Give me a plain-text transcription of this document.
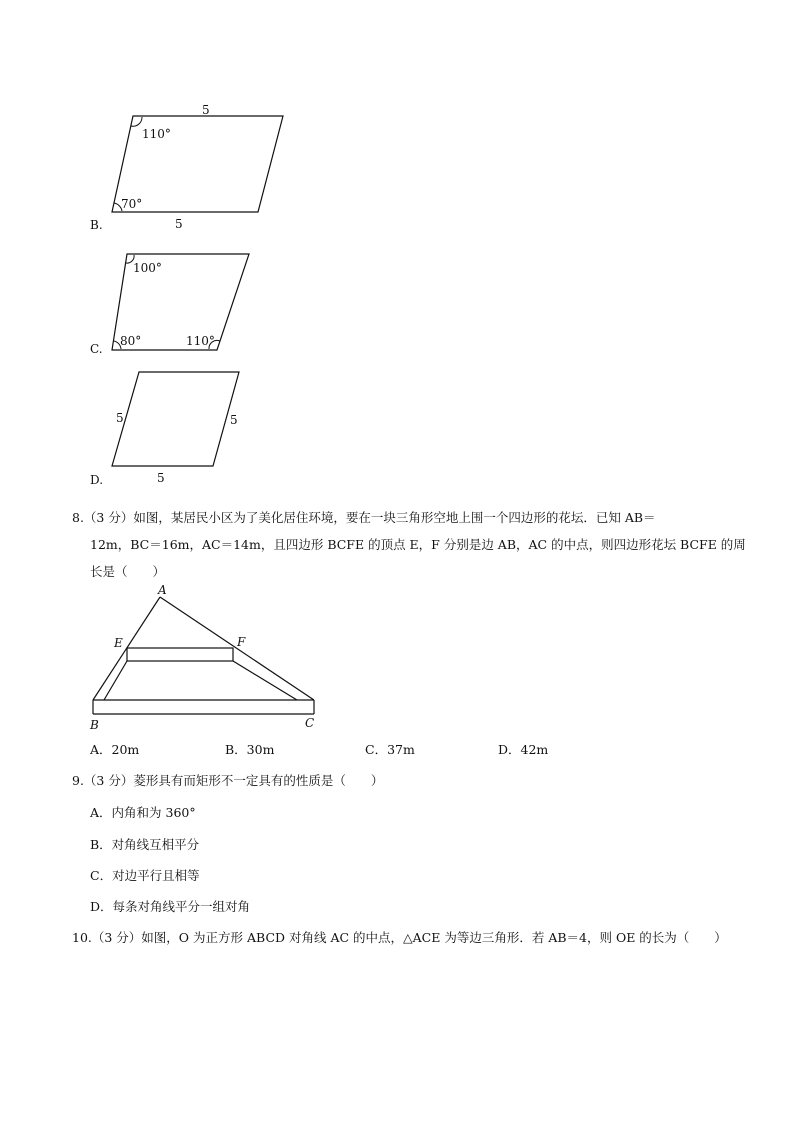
5
110°
70°
5
B.
100°
80°	110°
C.
5	5
5
D.
8.（3 分）如图，某居民小区为了美化居住环境，要在一块三角形空地上围一个四边形的花坛．已知 AB＝
12m，BC＝16m，AC＝14m，且四边形 BCFE 的顶点 E，F 分别是边 AB，AC 的中点，则四边形花坛 BCFE 的周
长是（　　）
A
E	F
B	C
A．20m	B．30m	C．37m	D．42m
9.（3 分）菱形具有而矩形不一定具有的性质是（　　）
A．内角和为 360°
B．对角线互相平分
C．对边平行且相等
D．每条对角线平分一组对角
10.（3 分）如图，O 为正方形 ABCD 对角线 AC 的中点，△ACE 为等边三角形．若 AB＝4，则 OE 的长为（　　）
